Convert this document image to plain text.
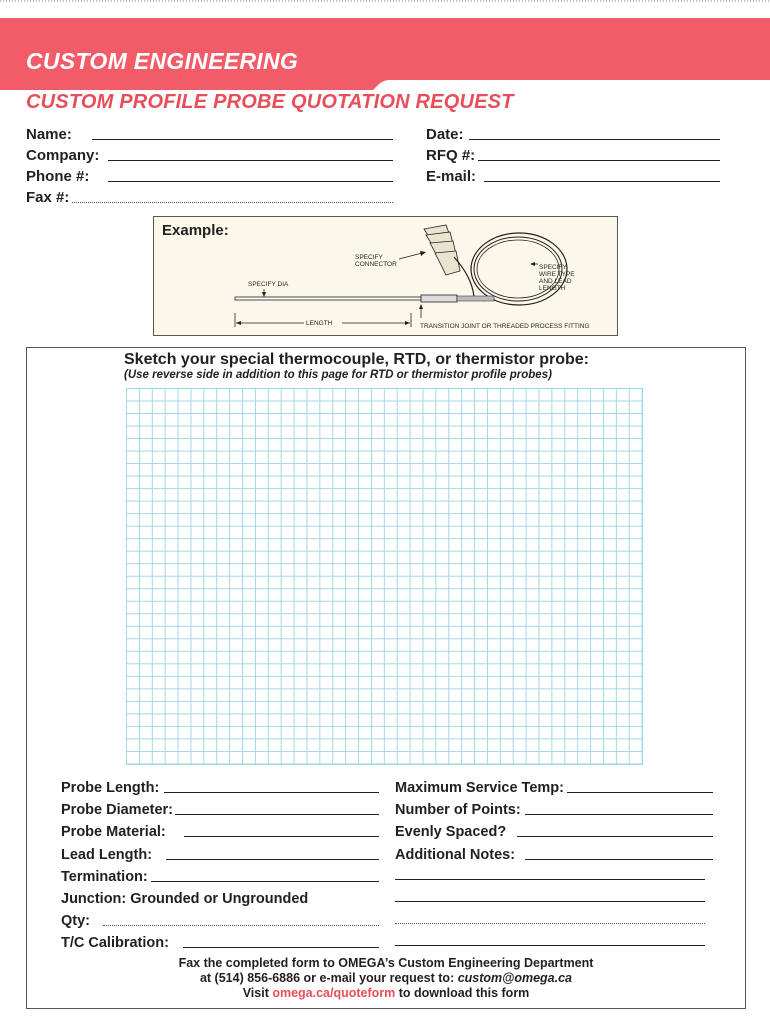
CUSTOM ENGINEERING
CUSTOM PROFILE PROBE QUOTATION REQUEST
Name:
Company:
Phone #:
Fax #:
Date:
RFQ #:
E-mail:
Example:
SPECIFY CONNECTOR	SPECIFY WIRE TYPE AND LEAD LENGTH
SPECIFY DIA
LENGTH	TRANSITION JOINT OR THREADED PROCESS FITTING
Sketch your special thermocouple, RTD, or thermistor probe:
(Use reverse side in addition to this page for RTD or thermistor profile probes)
Probe Length:
Probe Diameter:
Probe Material:
Lead Length:
Termination:
Junction: Grounded or Ungrounded
Qty:
T/C Calibration:
Maximum Service Temp:
Number of Points:
Evenly Spaced?
Additional Notes:
Fax the completed form to OMEGA’s Custom Engineering Department
at (514) 856-6886 or e-mail your request to: custom@omega.ca
Visit omega.ca/quoteform to download this form
